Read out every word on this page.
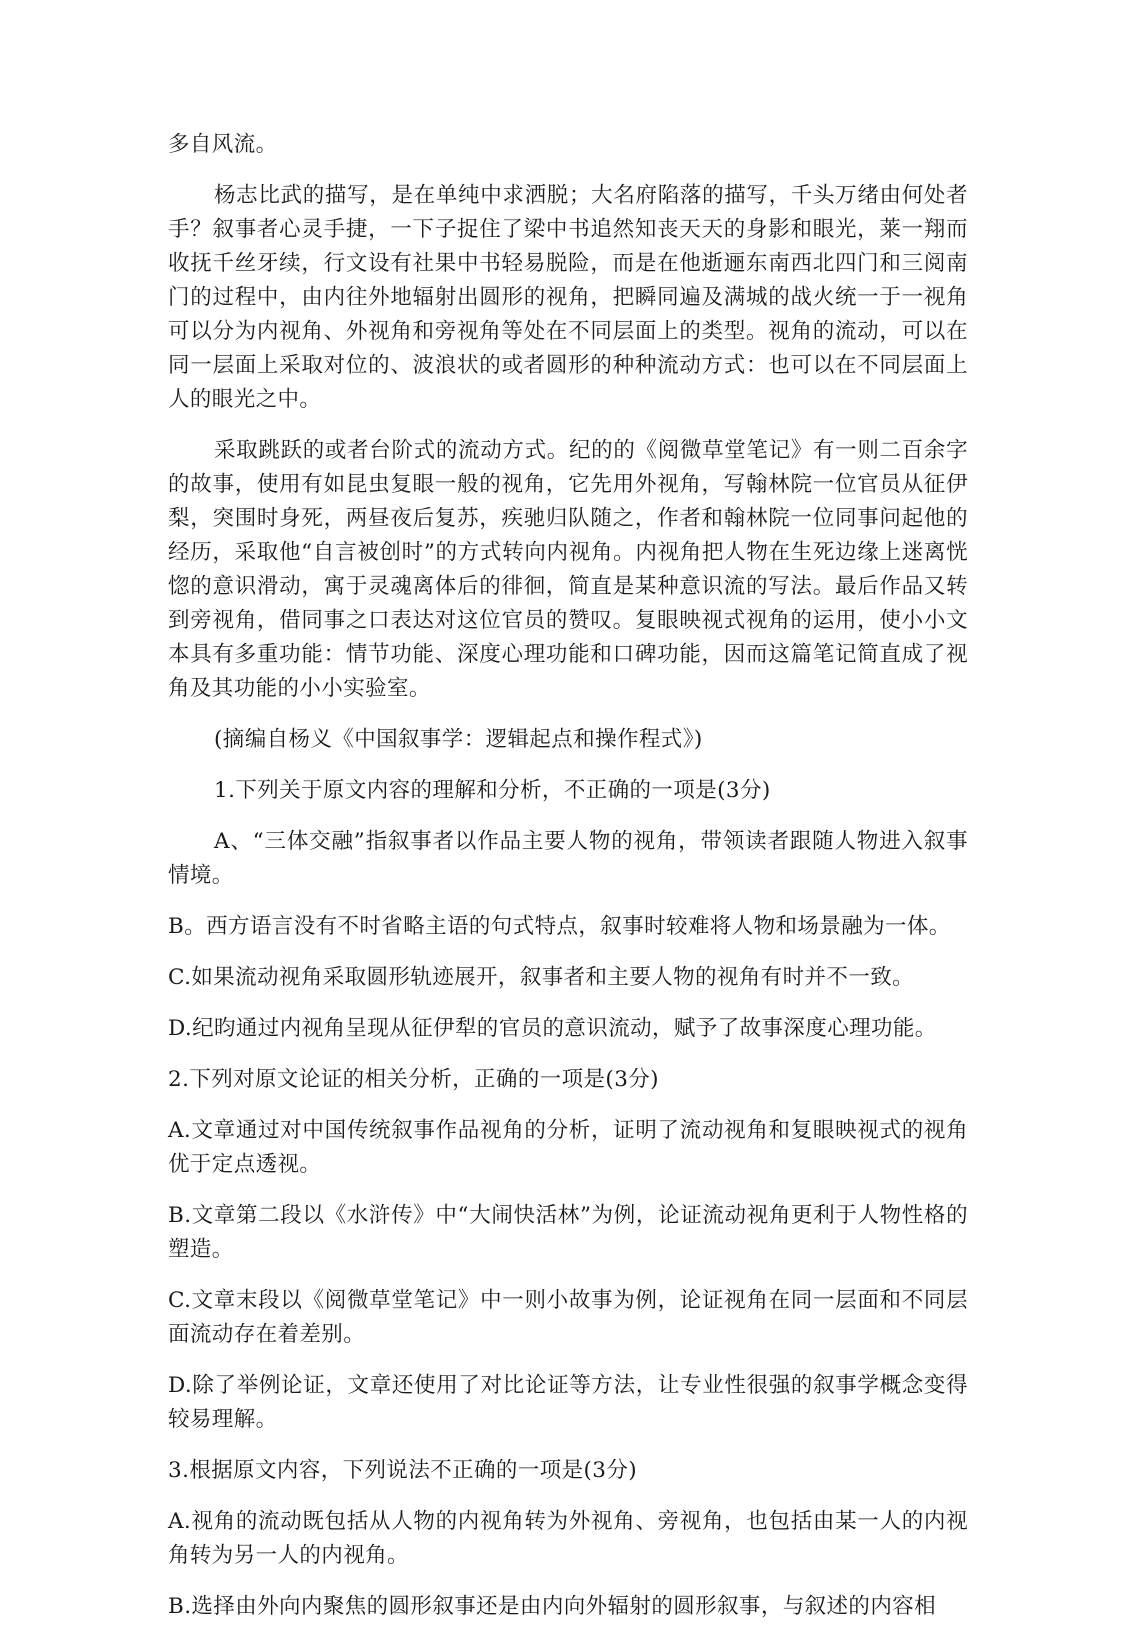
多自风流。

杨志比武的描写，是在单纯中求洒脱；大名府陷落的描写，千头万绪由何处者手？叙事者心灵手捷，一下子捉住了梁中书追然知丧天天的身影和眼光，莱一翔而收抚千丝牙续，行文设有社果中书轻易脱险，而是在他逝逦东南西北四门和三阅南门的过程中，由内往外地辐射出圆形的视角，把瞬同遍及满城的战火统一于一视角可以分为内视角、外视角和旁视角等处在不同层面上的类型。视角的流动，可以在同一层面上采取对位的、波浪状的或者圆形的种种流动方式：也可以在不同层面上人的眼光之中。

采取跳跃的或者台阶式的流动方式。纪的的《阅微草堂笔记》有一则二百余字的故事，使用有如昆虫复眼一般的视角，它先用外视角，写翰林院一位官员从征伊梨，突围时身死，两昼夜后复苏，疾驰归队随之，作者和翰林院一位同事问起他的经历，采取他“自言被创时”的方式转向内视角。内视角把人物在生死边缘上迷离恍惚的意识滑动，寓于灵魂离体后的徘徊，简直是某种意识流的写法。最后作品又转到旁视角，借同事之口表达对这位官员的赞叹。复眼映视式视角的运用，使小小文本具有多重功能：情节功能、深度心理功能和口碑功能，因而这篇笔记简直成了视角及其功能的小小实验室。

(摘编自杨义《中国叙事学：逻辑起点和操作程式》)

1.下列关于原文内容的理解和分析，不正确的一项是(3分)

A、“三体交融”指叙事者以作品主要人物的视角，带领读者跟随人物进入叙事情境。

B。西方语言没有不时省略主语的句式特点，叙事时较难将人物和场景融为一体。

C.如果流动视角采取圆形轨迹展开，叙事者和主要人物的视角有时并不一致。

D.纪昀通过内视角呈现从征伊犁的官员的意识流动，赋予了故事深度心理功能。

2.下列对原文论证的相关分析，正确的一项是(3分)

A.文章通过对中国传统叙事作品视角的分析，证明了流动视角和复眼映视式的视角优于定点透视。

B.文章第二段以《水浒传》中“大闹快活林”为例，论证流动视角更利于人物性格的塑造。

C.文章末段以《阅微草堂笔记》中一则小故事为例，论证视角在同一层面和不同层面流动存在着差别。

D.除了举例论证，文章还使用了对比论证等方法，让专业性很强的叙事学概念变得较易理解。

3.根据原文内容，下列说法不正确的一项是(3分)

A.视角的流动既包括从人物的内视角转为外视角、旁视角，也包括由某一人的内视角转为另一人的内视角。

B.选择由外向内聚焦的圆形叙事还是由内向外辐射的圆形叙事，与叙述的内容相
